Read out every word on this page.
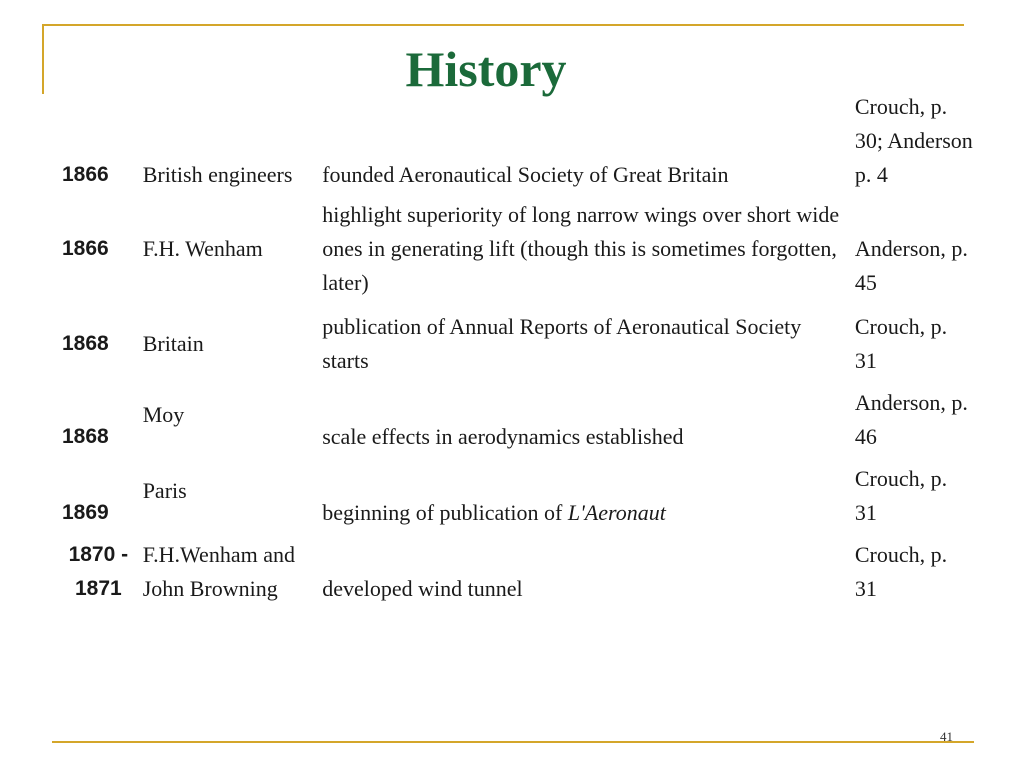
History
1866	British engineers	founded Aeronautical Society of Great Britain	Crouch, p. 30; Anderson p. 4
1866	F.H. Wenham	highlight superiority of long narrow wings over short wide ones in generating lift (though this is sometimes forgotten, later)	Anderson, p. 45
1868	Britain	publication of Annual Reports of Aeronautical Society starts	Crouch, p. 31
1868	Moy	scale effects in aerodynamics established	Anderson, p. 46
1869	Paris	beginning of publication of L'Aeronaut	Crouch, p. 31
1870 - 1871	F.H.Wenham and John Browning	developed wind tunnel	Crouch, p. 31
41
